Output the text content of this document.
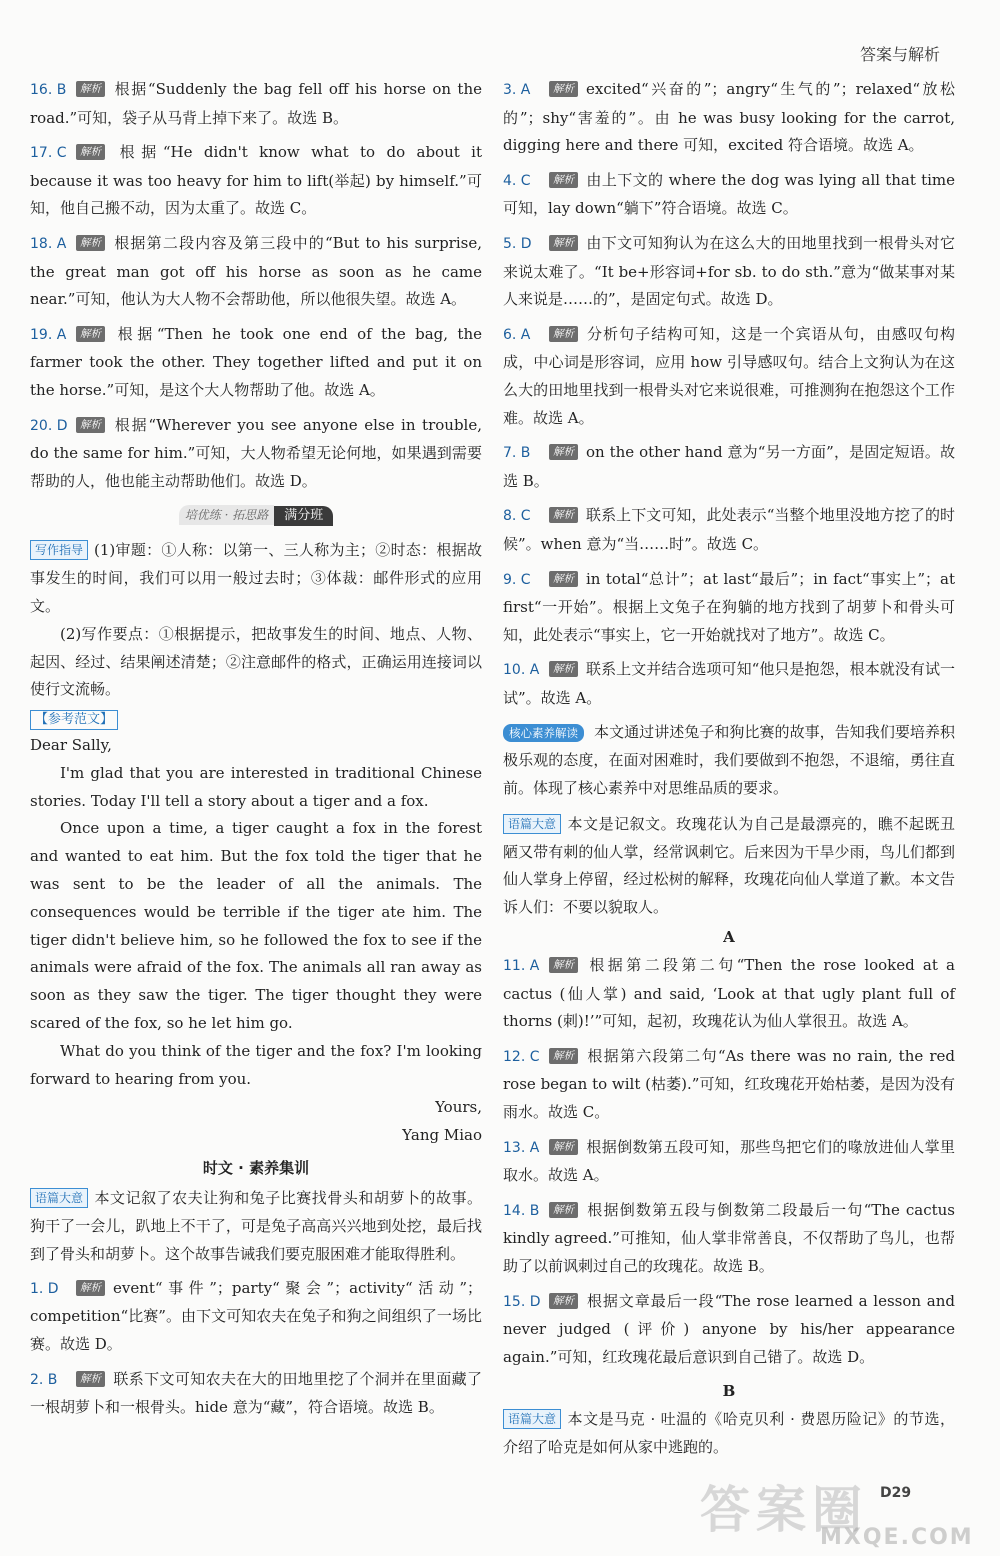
答案与解析
16. B 解析 根据“Suddenly the bag fell off his horse on the road.”可知，袋子从马背上掉下来了。故选 B。
17. C 解析 根据“He didn't know what to do about it because it was too heavy for him to lift(举起) by himself.”可知，他自己搬不动，因为太重了。故选 C。
18. A 解析 根据第二段内容及第三段中的“But to his surprise, the great man got off his horse as soon as he came near.”可知，他认为大人物不会帮助他，所以他很失望。故选 A。
19. A 解析 根据“Then he took one end of the bag, the farmer took the other. They together lifted and put it on the horse.”可知，是这个大人物帮助了他。故选 A。
20. D 解析 根据“Wherever you see anyone else in trouble, do the same for him.”可知，大人物希望无论何地，如果遇到需要帮助的人，他也能主动帮助他们。故选 D。
培优练 · 拓思路 满分班

写作指导 (1)审题：①人称：以第一、三人称为主；②时态：根据故事发生的时间，我们可以用一般过去时；③体裁：邮件形式的应用文。

(2)写作要点：①根据提示，把故事发生的时间、地点、人物、起因、经过、结果阐述清楚；②注意邮件的格式，正确运用连接词以使行文流畅。

【参考范文】

Dear Sally,

I'm glad that you are interested in traditional Chinese stories. Today I'll tell a story about a tiger and a fox.

Once upon a time, a tiger caught a fox in the forest and wanted to eat him. But the fox told the tiger that he was sent to be the leader of all the animals. The consequences would be terrible if the tiger ate him. The tiger didn't believe him, so he followed the fox to see if the animals were afraid of the fox. The animals all ran away as soon as they saw the tiger. The tiger thought they were scared of the fox, so he let him go.

What do you think of the tiger and the fox? I'm looking forward to hearing from you.

Yours,

Yang Miao

时文 · 素养集训

语篇大意 本文记叙了农夫让狗和兔子比赛找骨头和胡萝卜的故事。狗干了一会儿，趴地上不干了，可是兔子高高兴兴地到处挖，最后找到了骨头和胡萝卜。这个故事告诫我们要克服困难才能取得胜利。

1. D 解析 event“事件”；party“聚会”；activity“活动”；competition“比赛”。由下文可知农夫在兔子和狗之间组织了一场比赛。故选 D。
2. B 解析 联系下文可知农夫在大的田地里挖了个洞并在里面藏了一根胡萝卜和一根骨头。hide 意为“藏”，符合语境。故选 B。
3. A 解析 excited“兴奋的”；angry“生气的”；relaxed“放松的”；shy“害羞的”。由 he was busy looking for the carrot, digging here and there 可知，excited 符合语境。故选 A。
4. C 解析 由上下文的 where the dog was lying all that time 可知，lay down“躺下”符合语境。故选 C。
5. D 解析 由下文可知狗认为在这么大的田地里找到一根骨头对它来说太难了。“It be+形容词+for sb. to do sth.”意为“做某事对某人来说是……的”，是固定句式。故选 D。
6. A 解析 分析句子结构可知，这是一个宾语从句，由感叹句构成，中心词是形容词，应用 how 引导感叹句。结合上文狗认为在这么大的田地里找到一根骨头对它来说很难，可推测狗在抱怨这个工作难。故选 A。
7. B 解析 on the other hand 意为“另一方面”，是固定短语。故选 B。
8. C 解析 联系上下文可知，此处表示“当整个地里没地方挖了的时候”。when 意为“当……时”。故选 C。
9. C 解析 in total“总计”；at last“最后”；in fact“事实上”；at first“一开始”。根据上文兔子在狗躺的地方找到了胡萝卜和骨头可知，此处表示“事实上，它一开始就找对了地方”。故选 C。
10. A 解析 联系上文并结合选项可知“他只是抱怨，根本就没有试一试”。故选 A。

核心素养解读 本文通过讲述兔子和狗比赛的故事，告知我们要培养积极乐观的态度，在面对困难时，我们要做到不抱怨，不退缩，勇往直前。体现了核心素养中对思维品质的要求。

语篇大意 本文是记叙文。玫瑰花认为自己是最漂亮的，瞧不起既丑陋又带有刺的仙人掌，经常讽刺它。后来因为干旱少雨，鸟儿们都到仙人掌身上停留，经过松树的解释，玫瑰花向仙人掌道了歉。本文告诉人们：不要以貌取人。

A
11. A 解析 根据第二段第二句“Then the rose looked at a cactus (仙人掌) and said, ‘Look at that ugly plant full of thorns (刺)!’”可知，起初，玫瑰花认为仙人掌很丑。故选 A。
12. C 解析 根据第六段第二句“As there was no rain, the red rose began to wilt (枯萎).”可知，红玫瑰花开始枯萎，是因为没有雨水。故选 C。
13. A 解析 根据倒数第五段可知，那些鸟把它们的喙放进仙人掌里取水。故选 A。
14. B 解析 根据倒数第五段与倒数第二段最后一句“The cactus kindly agreed.”可推知，仙人掌非常善良，不仅帮助了鸟儿，也帮助了以前讽刺过自己的玫瑰花。故选 B。
15. D 解析 根据文章最后一段“The rose learned a lesson and never judged (评价) anyone by his/her appearance again.”可知，红玫瑰花最后意识到自己错了。故选 D。
B

语篇大意 本文是马克 · 吐温的《哈克贝利 · 费恩历险记》的节选，介绍了哈克是如何从家中逃跑的。

答案圈
MXQE.COM
D29
